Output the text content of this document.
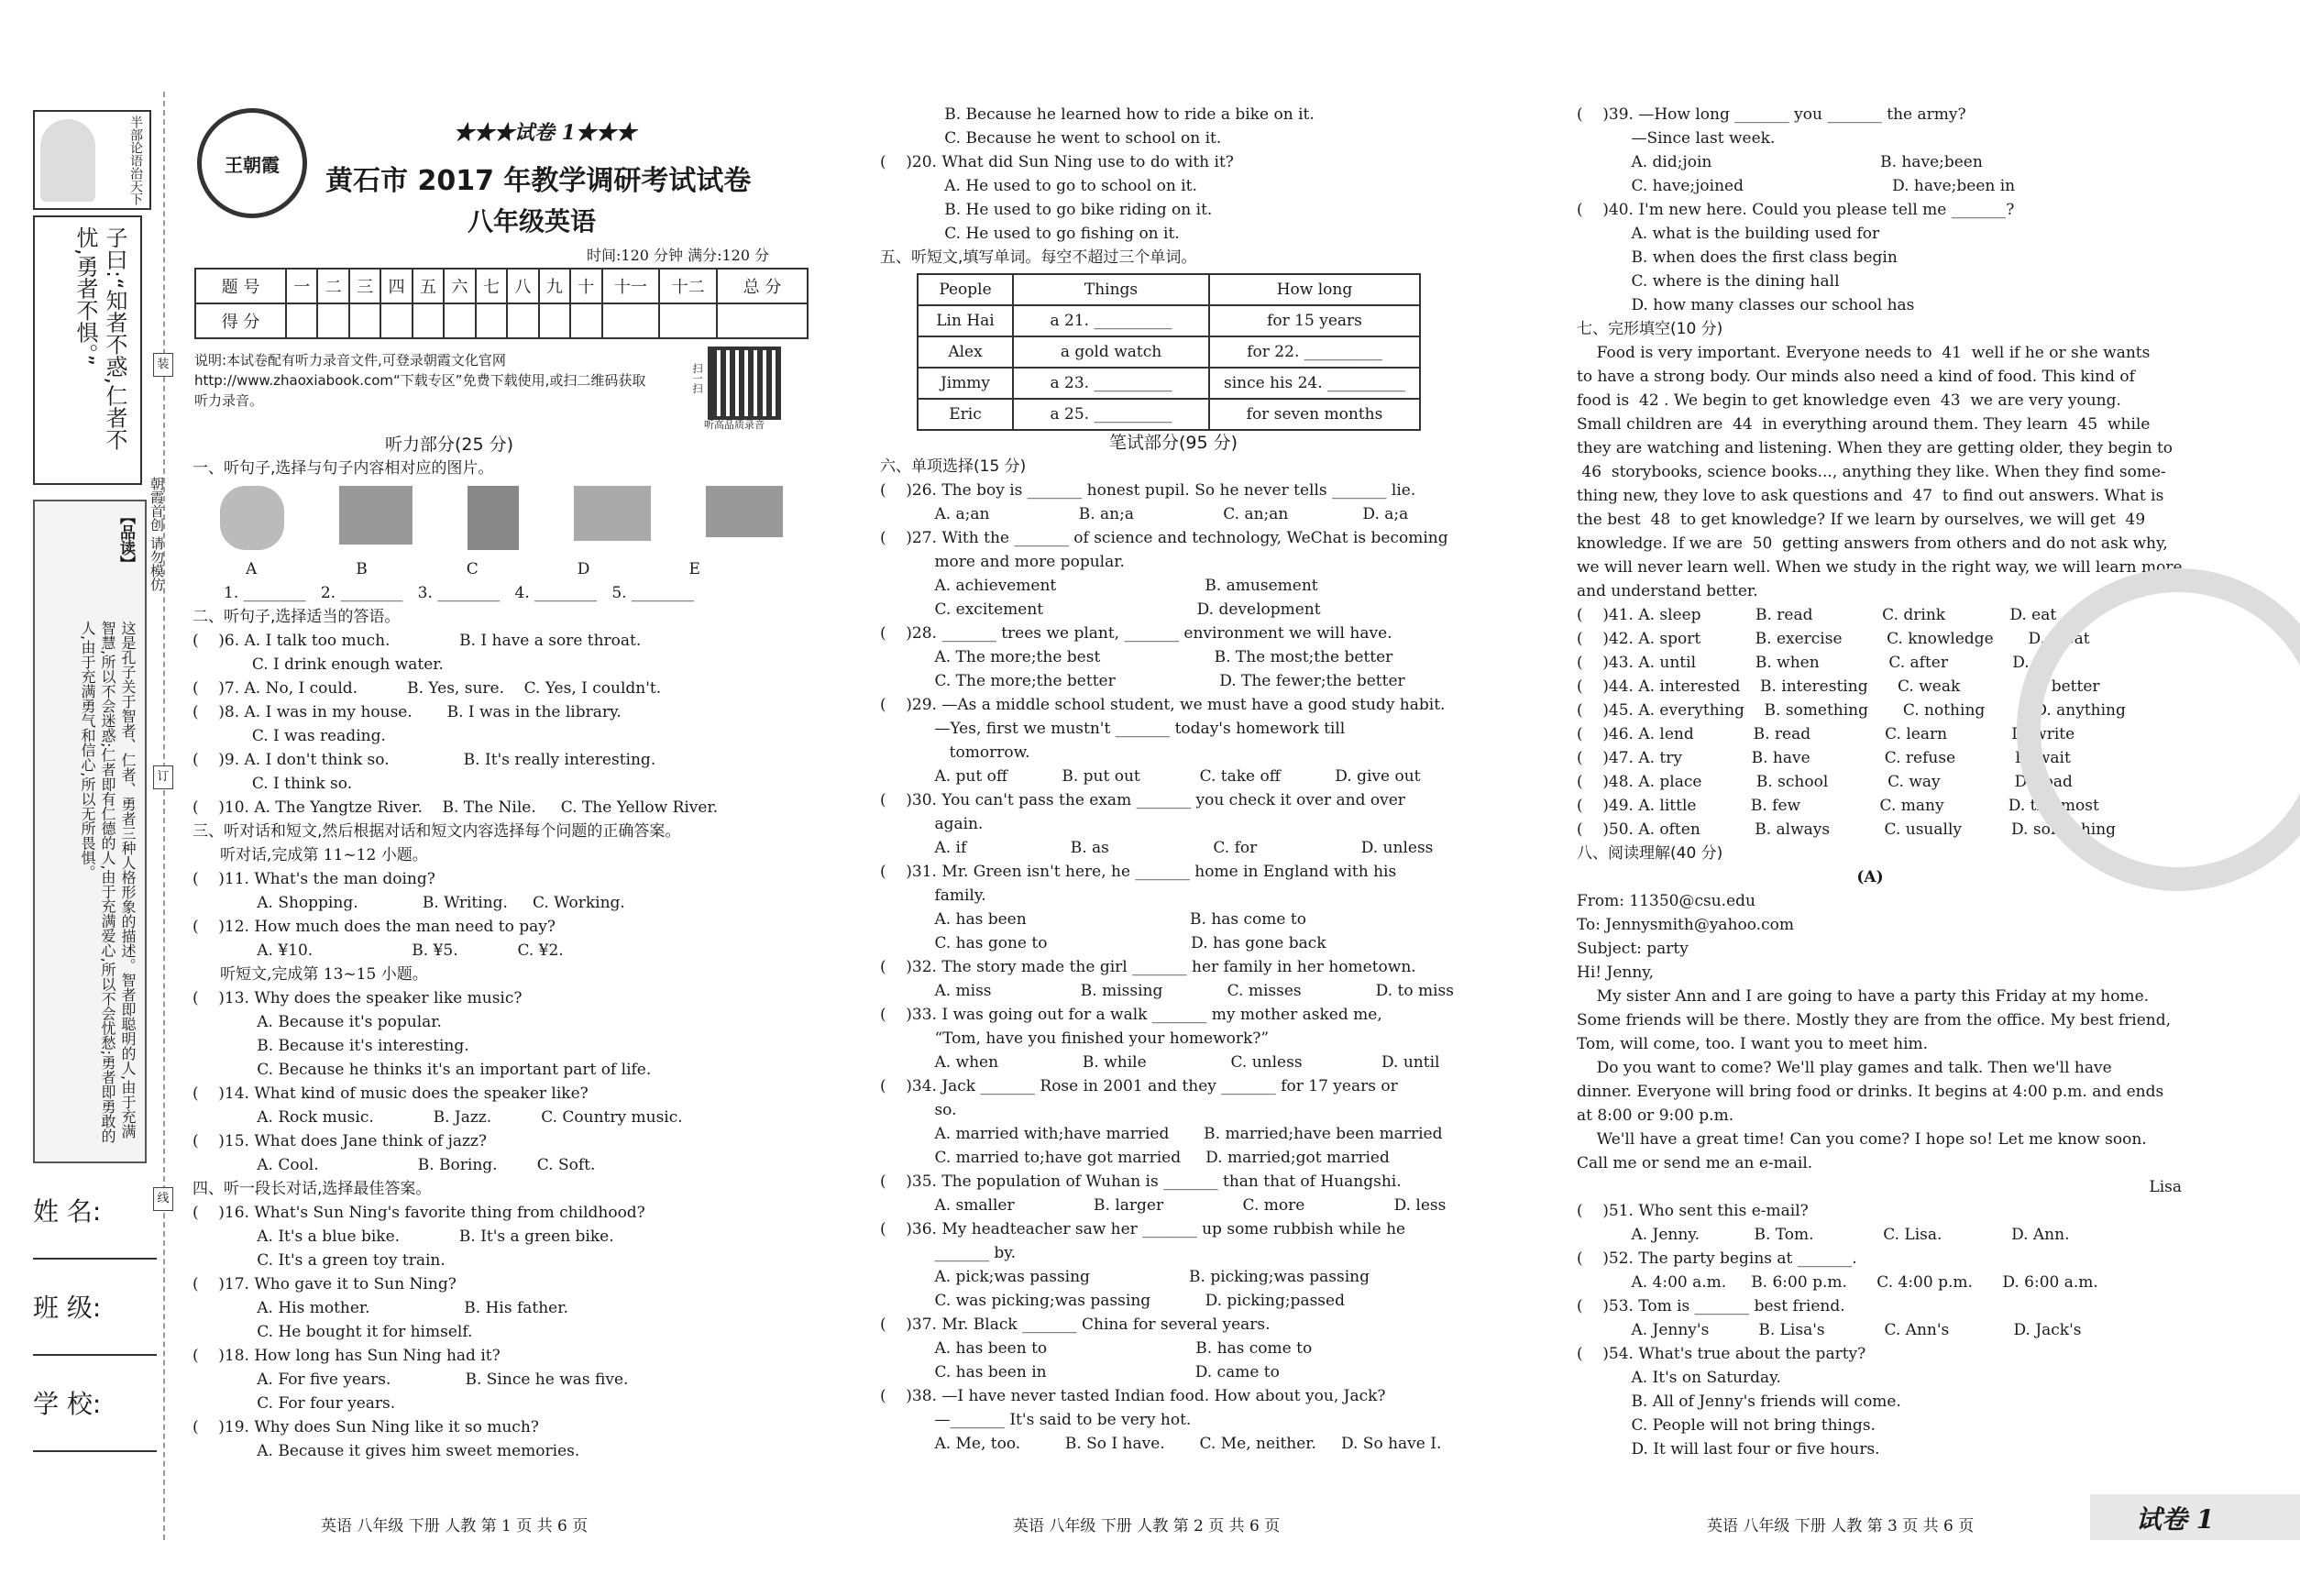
半部论语治天下
子曰:“知者不惑,仁者不忧,勇者不惧。”
【品读】
这是孔子关于智者、仁者、勇者三种人格形象的描述。智者即聪明的人,由于充满智慧,所以不会迷惑;仁者即有仁德的人,由于充满爱心,所以不会忧愁;勇者即勇敢的人,由于充满勇气和信心,所以无所畏惧。
朝霞首创 请勿模仿
装
订
线
姓 名:
班 级:
学 校:
王朝霞
★★★试卷 1★★★
黄石市 2017 年教学调研考试试卷
八年级英语
时间:120 分钟 满分:120 分
题 号	一	二	三	四	五	六	七	八	九	十	十一	十二	总 分
得 分													
说明:本试卷配有听力录音文件,可登录朝霞文化官网http://www.zhaoxiabook.com“下载专区”免费下载使用,或扫二维码获取听力录音。
扫一扫
听高品质录音
听力部分(25 分)
一、听句子,选择与句子内容相对应的图片。
A	B	C	D	E
1. ________   2. ________   3. ________   4. ________   5. ________
二、听句子,选择适当的答语。
(    )6. A. I talk too much.              B. I have a sore throat.
C. I drink enough water.
(    )7. A. No, I could.          B. Yes, sure.    C. Yes, I couldn't.
(    )8. A. I was in my house.       B. I was in the library.
C. I was reading.
(    )9. A. I don't think so.               B. It's really interesting.
C. I think so.
(    )10. A. The Yangtze River.    B. The Nile.     C. The Yellow River.
三、听对话和短文,然后根据对话和短文内容选择每个问题的正确答案。
听对话,完成第 11~12 小题。
(    )11. What's the man doing?
A. Shopping.             B. Writing.     C. Working.
(    )12. How much does the man need to pay?
A. ¥10.                    B. ¥5.            C. ¥2.
听短文,完成第 13~15 小题。
(    )13. Why does the speaker like music?
A. Because it's popular.
B. Because it's interesting.
C. Because he thinks it's an important part of life.
(    )14. What kind of music does the speaker like?
A. Rock music.            B. Jazz.          C. Country music.
(    )15. What does Jane think of jazz?
A. Cool.                    B. Boring.        C. Soft.
四、听一段长对话,选择最佳答案。
(    )16. What's Sun Ning's favorite thing from childhood?
A. It's a blue bike.            B. It's a green bike.
C. It's a green toy train.
(    )17. Who gave it to Sun Ning?
A. His mother.                   B. His father.
C. He bought it for himself.
(    )18. How long has Sun Ning had it?
A. For five years.               B. Since he was five.
C. For four years.
(    )19. Why does Sun Ning like it so much?
A. Because it gives him sweet memories.
B. Because he learned how to ride a bike on it.
C. Because he went to school on it.
(    )20. What did Sun Ning use to do with it?
A. He used to go to school on it.
B. He used to go bike riding on it.
C. He used to go fishing on it.
五、听短文,填写单词。每空不超过三个单词。
People	Things	How long
Lin Hai	a 21. __________	for 15 years
Alex	a gold watch	for 22. __________
Jimmy	a 23. __________	since his 24. __________
Eric	a 25. __________	for seven months
笔试部分(95 分)
六、单项选择(15 分)
(    )26. The boy is _______ honest pupil. So he never tells _______ lie.
A. a;an                  B. an;a                  C. an;an               D. a;a
(    )27. With the _______ of science and technology, WeChat is becoming
more and more popular.
A. achievement                              B. amusement
C. excitement                               D. development
(    )28. _______ trees we plant, _______ environment we will have.
A. The more;the best                       B. The most;the better
C. The more;the better                     D. The fewer;the better
(    )29. —As a middle school student, we must have a good study habit.
—Yes, first we mustn't _______ today's homework till
tomorrow.
A. put off           B. put out            C. take off           D. give out
(    )30. You can't pass the exam _______ you check it over and over
again.
A. if                     B. as                     C. for                     D. unless
(    )31. Mr. Green isn't here, he _______ home in England with his
family.
A. has been                                 B. has come to
C. has gone to                             D. has gone back
(    )32. The story made the girl _______ her family in her hometown.
A. miss                  B. missing             C. misses               D. to miss
(    )33. I was going out for a walk _______ my mother asked me,
“Tom, have you finished your homework?”
A. when                 B. while                 C. unless                D. until
(    )34. Jack _______ Rose in 2001 and they _______ for 17 years or
so.
A. married with;have married       B. married;have been married
C. married to;have got married     D. married;got married
(    )35. The population of Wuhan is _______ than that of Huangshi.
A. smaller                B. larger                C. more                  D. less
(    )36. My headteacher saw her _______ up some rubbish while he
_______ by.
A. pick;was passing                    B. picking;was passing
C. was picking;was passing           D. picking;passed
(    )37. Mr. Black _______ China for several years.
A. has been to                              B. has come to
C. has been in                              D. came to
(    )38. —I have never tasted Indian food. How about you, Jack?
—_______ It's said to be very hot.
A. Me, too.         B. So I have.       C. Me, neither.     D. So have I.
(    )39. —How long _______ you _______ the army?
—Since last week.
A. did;join                                  B. have;been
C. have;joined                              D. have;been in
(    )40. I'm new here. Could you please tell me _______?
A. what is the building used for
B. when does the first class begin
C. where is the dining hall
D. how many classes our school has
七、完形填空(10 分)
Food is very important. Everyone needs to  41  well if he or she wants
to have a strong body. Our minds also need a kind of food. This kind of
food is  42 . We begin to get knowledge even  43  we are very young.
Small children are  44  in everything around them. They learn  45  while
they are watching and listening. When they are getting older, they begin to
46  storybooks, science books..., anything they like. When they find some-
thing new, they love to ask questions and  47  to find out answers. What is
the best  48  to get knowledge? If we learn by ourselves, we will get  49
knowledge. If we are  50  getting answers from others and do not ask why,
we will never learn well. When we study in the right way, we will learn more
and understand better.
(    )41. A. sleep           B. read              C. drink             D. eat
(    )42. A. sport           B. exercise         C. knowledge       D. meat
(    )43. A. until            B. when              C. after             D. so
(    )44. A. interested    B. interesting      C. weak              D. better
(    )45. A. everything    B. something       C. nothing          D. anything
(    )46. A. lend            B. read               C. learn             D. write
(    )47. A. try              B. have               C. refuse            D. wait
(    )48. A. place           B. school            C. way               D. road
(    )49. A. little           B. few                C. many             D. the most
(    )50. A. often           B. always           C. usually          D. something
八、阅读理解(40 分)
(A)
From: 11350@csu.edu
To: Jennysmith@yahoo.com
Subject: party
Hi! Jenny,
My sister Ann and I are going to have a party this Friday at my home.
Some friends will be there. Mostly they are from the office. My best friend,
Tom, will come, too. I want you to meet him.
Do you want to come? We'll play games and talk. Then we'll have
dinner. Everyone will bring food or drinks. It begins at 4:00 p.m. and ends
at 8:00 or 9:00 p.m.
We'll have a great time! Can you come? I hope so! Let me know soon.
Call me or send me an e-mail.
Lisa
(    )51. Who sent this e-mail?
A. Jenny.           B. Tom.              C. Lisa.              D. Ann.
(    )52. The party begins at _______.
A. 4:00 a.m.     B. 6:00 p.m.      C. 4:00 p.m.      D. 6:00 a.m.
(    )53. Tom is _______ best friend.
A. Jenny's          B. Lisa's            C. Ann's             D. Jack's
(    )54. What's true about the party?
A. It's on Saturday.
B. All of Jenny's friends will come.
C. People will not bring things.
D. It will last four or five hours.
英语 八年级 下册 人教 第 1 页 共 6 页	英语 八年级 下册 人教 第 2 页 共 6 页	英语 八年级 下册 人教 第 3 页 共 6 页	试卷 1
